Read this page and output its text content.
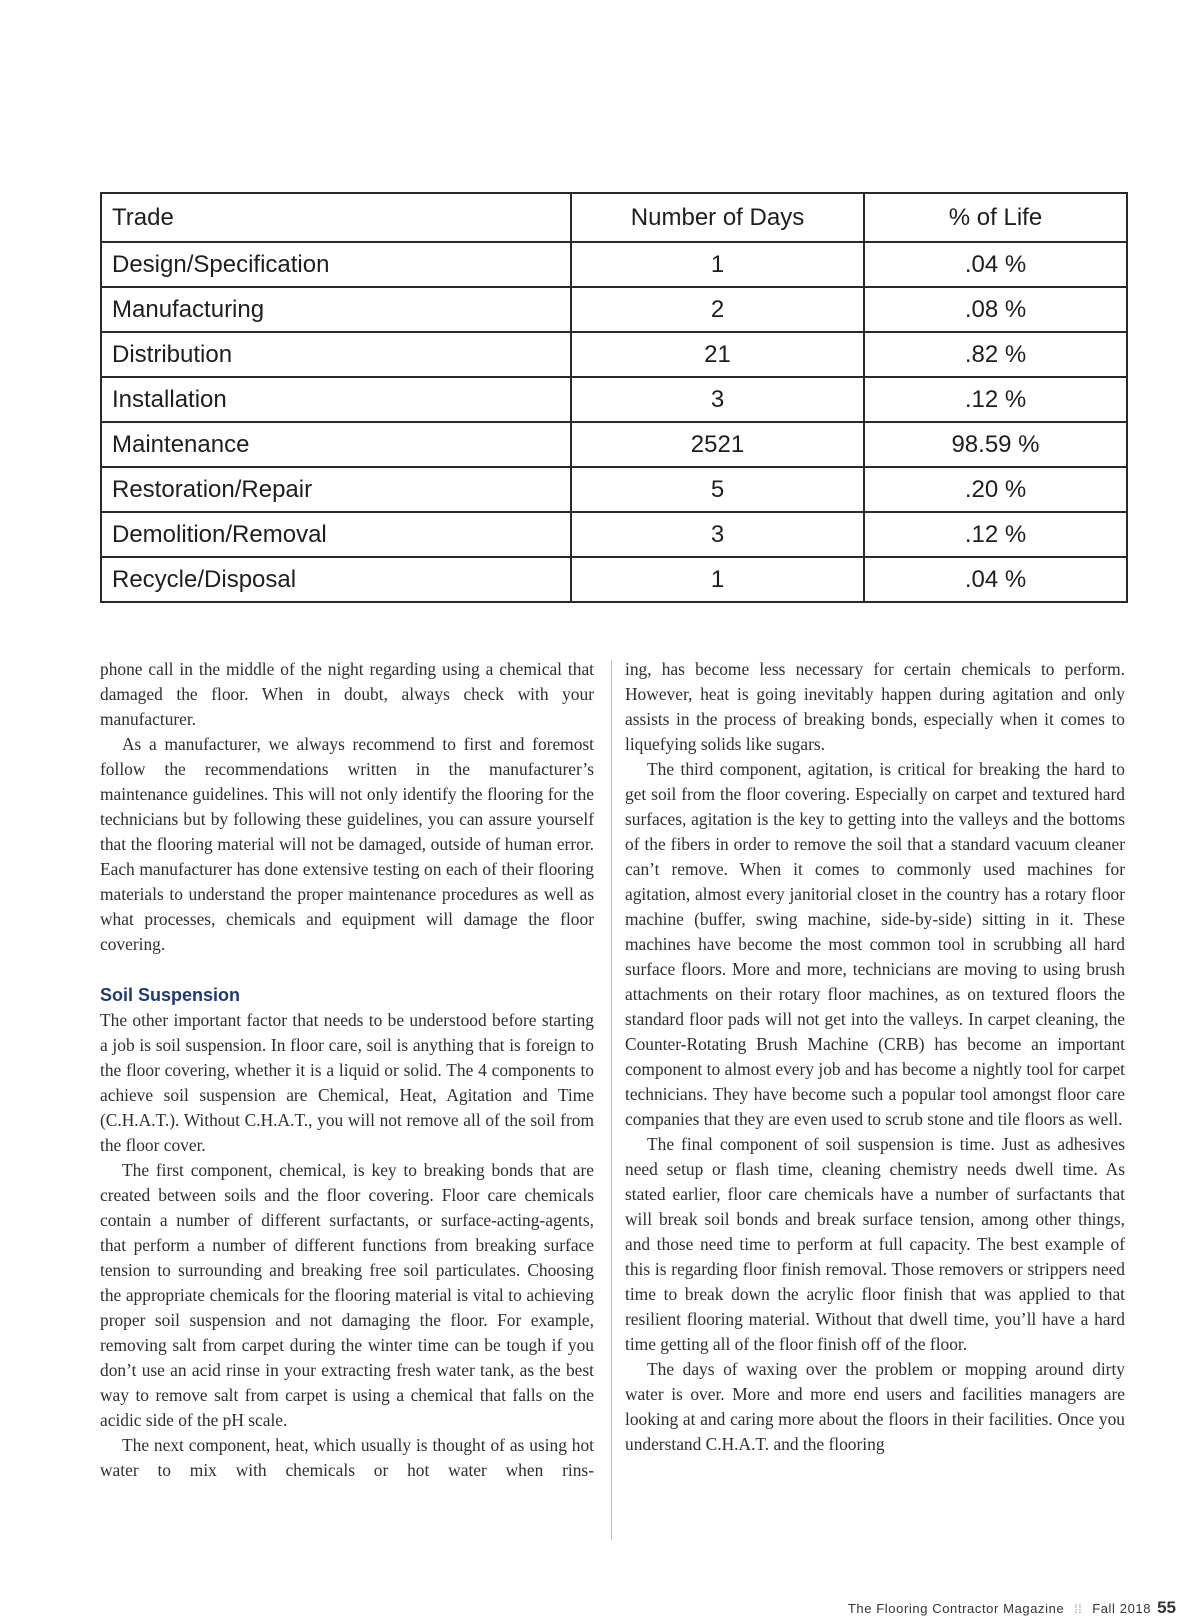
Trade	Number of Days	% of Life
Design/Specification	1	.04 %
Manufacturing	2	.08 %
Distribution	21	.82 %
Installation	3	.12 %
Maintenance	2521	98.59 %
Restoration/Repair	5	.20 %
Demolition/Removal	3	.12 %
Recycle/Disposal	1	.04 %

phone call in the middle of the night regarding using a chemical that damaged the floor. When in doubt, always check with your manufacturer.

As a manufacturer, we always recommend to first and foremost follow the recommendations written in the manufacturer’s maintenance guidelines. This will not only identify the flooring for the technicians but by following these guidelines, you can assure yourself that the flooring material will not be damaged, outside of human error. Each manufacturer has done extensive testing on each of their flooring materials to understand the proper maintenance procedures as well as what processes, chemicals and equipment will damage the floor covering.

Soil Suspension

The other important factor that needs to be understood before starting a job is soil suspension. In floor care, soil is anything that is foreign to the floor covering, whether it is a liquid or solid. The 4 components to achieve soil suspension are Chemical, Heat, Agitation and Time (C.H.A.T.). Without C.H.A.T., you will not remove all of the soil from the floor cover.

The first component, chemical, is key to breaking bonds that are created between soils and the floor covering. Floor care chemicals contain a number of different surfactants, or surface-acting-agents, that perform a number of different functions from breaking surface tension to surrounding and breaking free soil particulates. Choosing the appropriate chemicals for the flooring material is vital to achieving proper soil suspension and not damaging the floor. For example, removing salt from carpet during the winter time can be tough if you don’t use an acid rinse in your extracting fresh water tank, as the best way to remove salt from carpet is using a chemical that falls on the acidic side of the pH scale.

The next component, heat, which usually is thought of as using hot water to mix with chemicals or hot water when rins-

ing, has become less necessary for certain chemicals to perform. However, heat is going inevitably happen during agitation and only assists in the process of breaking bonds, especially when it comes to liquefying solids like sugars.

The third component, agitation, is critical for breaking the hard to get soil from the floor covering. Especially on carpet and textured hard surfaces, agitation is the key to getting into the valleys and the bottoms of the fibers in order to remove the soil that a standard vacuum cleaner can’t remove. When it comes to commonly used machines for agitation, almost every janitorial closet in the country has a rotary floor machine (buffer, swing machine, side-by-side) sitting in it. These machines have become the most common tool in scrubbing all hard surface floors. More and more, technicians are moving to using brush attachments on their rotary floor machines, as on textured floors the standard floor pads will not get into the valleys. In carpet cleaning, the Counter-Rotating Brush Machine (CRB) has become an important component to almost every job and has become a nightly tool for carpet technicians. They have become such a popular tool amongst floor care companies that they are even used to scrub stone and tile floors as well.

The final component of soil suspension is time. Just as adhesives need setup or flash time, cleaning chemistry needs dwell time. As stated earlier, floor care chemicals have a number of surfactants that will break soil bonds and break surface tension, among other things, and those need time to perform at full capacity. The best example of this is regarding floor finish removal. Those removers or strippers need time to break down the acrylic floor finish that was applied to that resilient flooring material. Without that dwell time, you’ll have a hard time getting all of the floor finish off of the floor.

The days of waxing over the problem or mopping around dirty water is over. More and more end users and facilities managers are looking at and caring more about the floors in their facilities. Once you understand C.H.A.T. and the flooring

The Flooring Contractor Magazine ⁞⁞ Fall 2018 55
